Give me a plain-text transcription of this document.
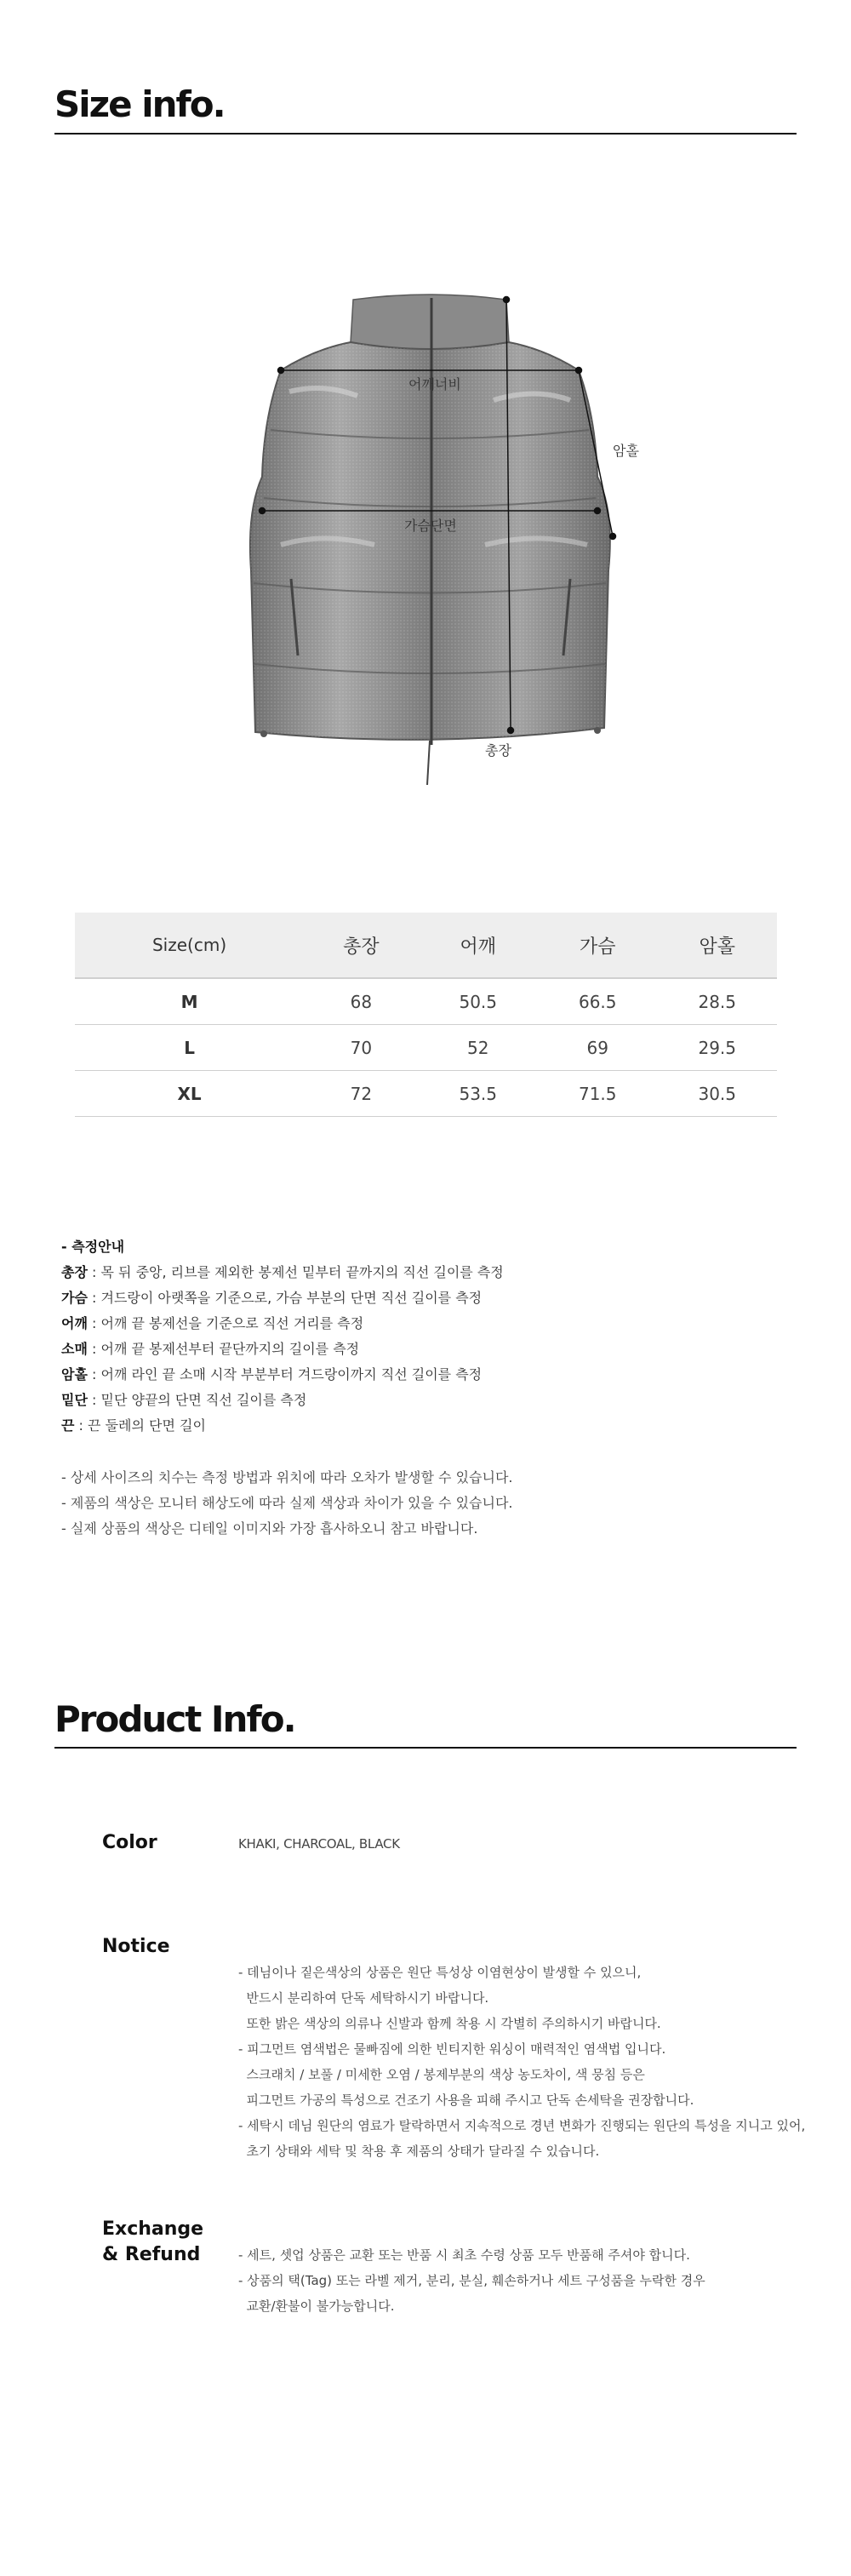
Size info.
어깨너비
가슴단면
암홀
총장
Size(cm)	총장	어깨	가슴	암홀
M	68	50.5	66.5	28.5
L	70	52	69	29.5
XL	72	53.5	71.5	30.5
- 측정안내
총장 : 목 뒤 중앙, 리브를 제외한 봉제선 밑부터 끝까지의 직선 길이를 측정
가슴 : 겨드랑이 아랫쪽을 기준으로, 가슴 부분의 단면 직선 길이를 측정
어깨 : 어깨 끝 봉제선을 기준으로 직선 거리를 측정
소매 : 어깨 끝 봉제선부터 끝단까지의 길이를 측정
암홀 : 어깨 라인 끝 소매 시작 부분부터 겨드랑이까지 직선 길이를 측정
밑단 : 밑단 양끝의 단면 직선 길이를 측정
끈 : 끈 둘레의 단면 길이
- 상세 사이즈의 치수는 측정 방법과 위치에 따라 오차가 발생할 수 있습니다.
- 제품의 색상은 모니터 해상도에 따라 실제 색상과 차이가 있을 수 있습니다.
- 실제 상품의 색상은 디테일 이미지와 가장 흡사하오니 참고 바랍니다.
Product Info.
Color	KHAKI, CHARCOAL, BLACK
Notice

- 데님이나 짙은색상의 상품은 원단 특성상 이염현상이 발생할 수 있으니,
반드시 분리하여 단독 세탁하시기 바랍니다.
또한 밝은 색상의 의류나 신발과 함께 착용 시 각별히 주의하시기 바랍니다.
- 피그먼트 염색법은 물빠짐에 의한 빈티지한 워싱이 매력적인 염색법 입니다.
스크래치 / 보풀 / 미세한 오염 / 봉제부분의 색상 농도차이, 색 뭉침 등은
피그먼트 가공의 특성으로 건조기 사용을 피해 주시고 단독 손세탁을 권장합니다.
- 세탁시 데님 원단의 염료가 탈락하면서 지속적으로 경년 변화가 진행되는 원단의 특성을 지니고 있어,
초기 상태와 세탁 및 착용 후 제품의 상태가 달라질 수 있습니다.

Exchange
& Refund	- 세트, 셋업 상품은 교환 또는 반품 시 최초 수령 상품 모두 반품해 주셔야 합니다.
- 상품의 택(Tag) 또는 라벨 제거, 분리, 분실, 훼손하거나 세트 구성품을 누락한 경우
교환/환불이 불가능합니다.
